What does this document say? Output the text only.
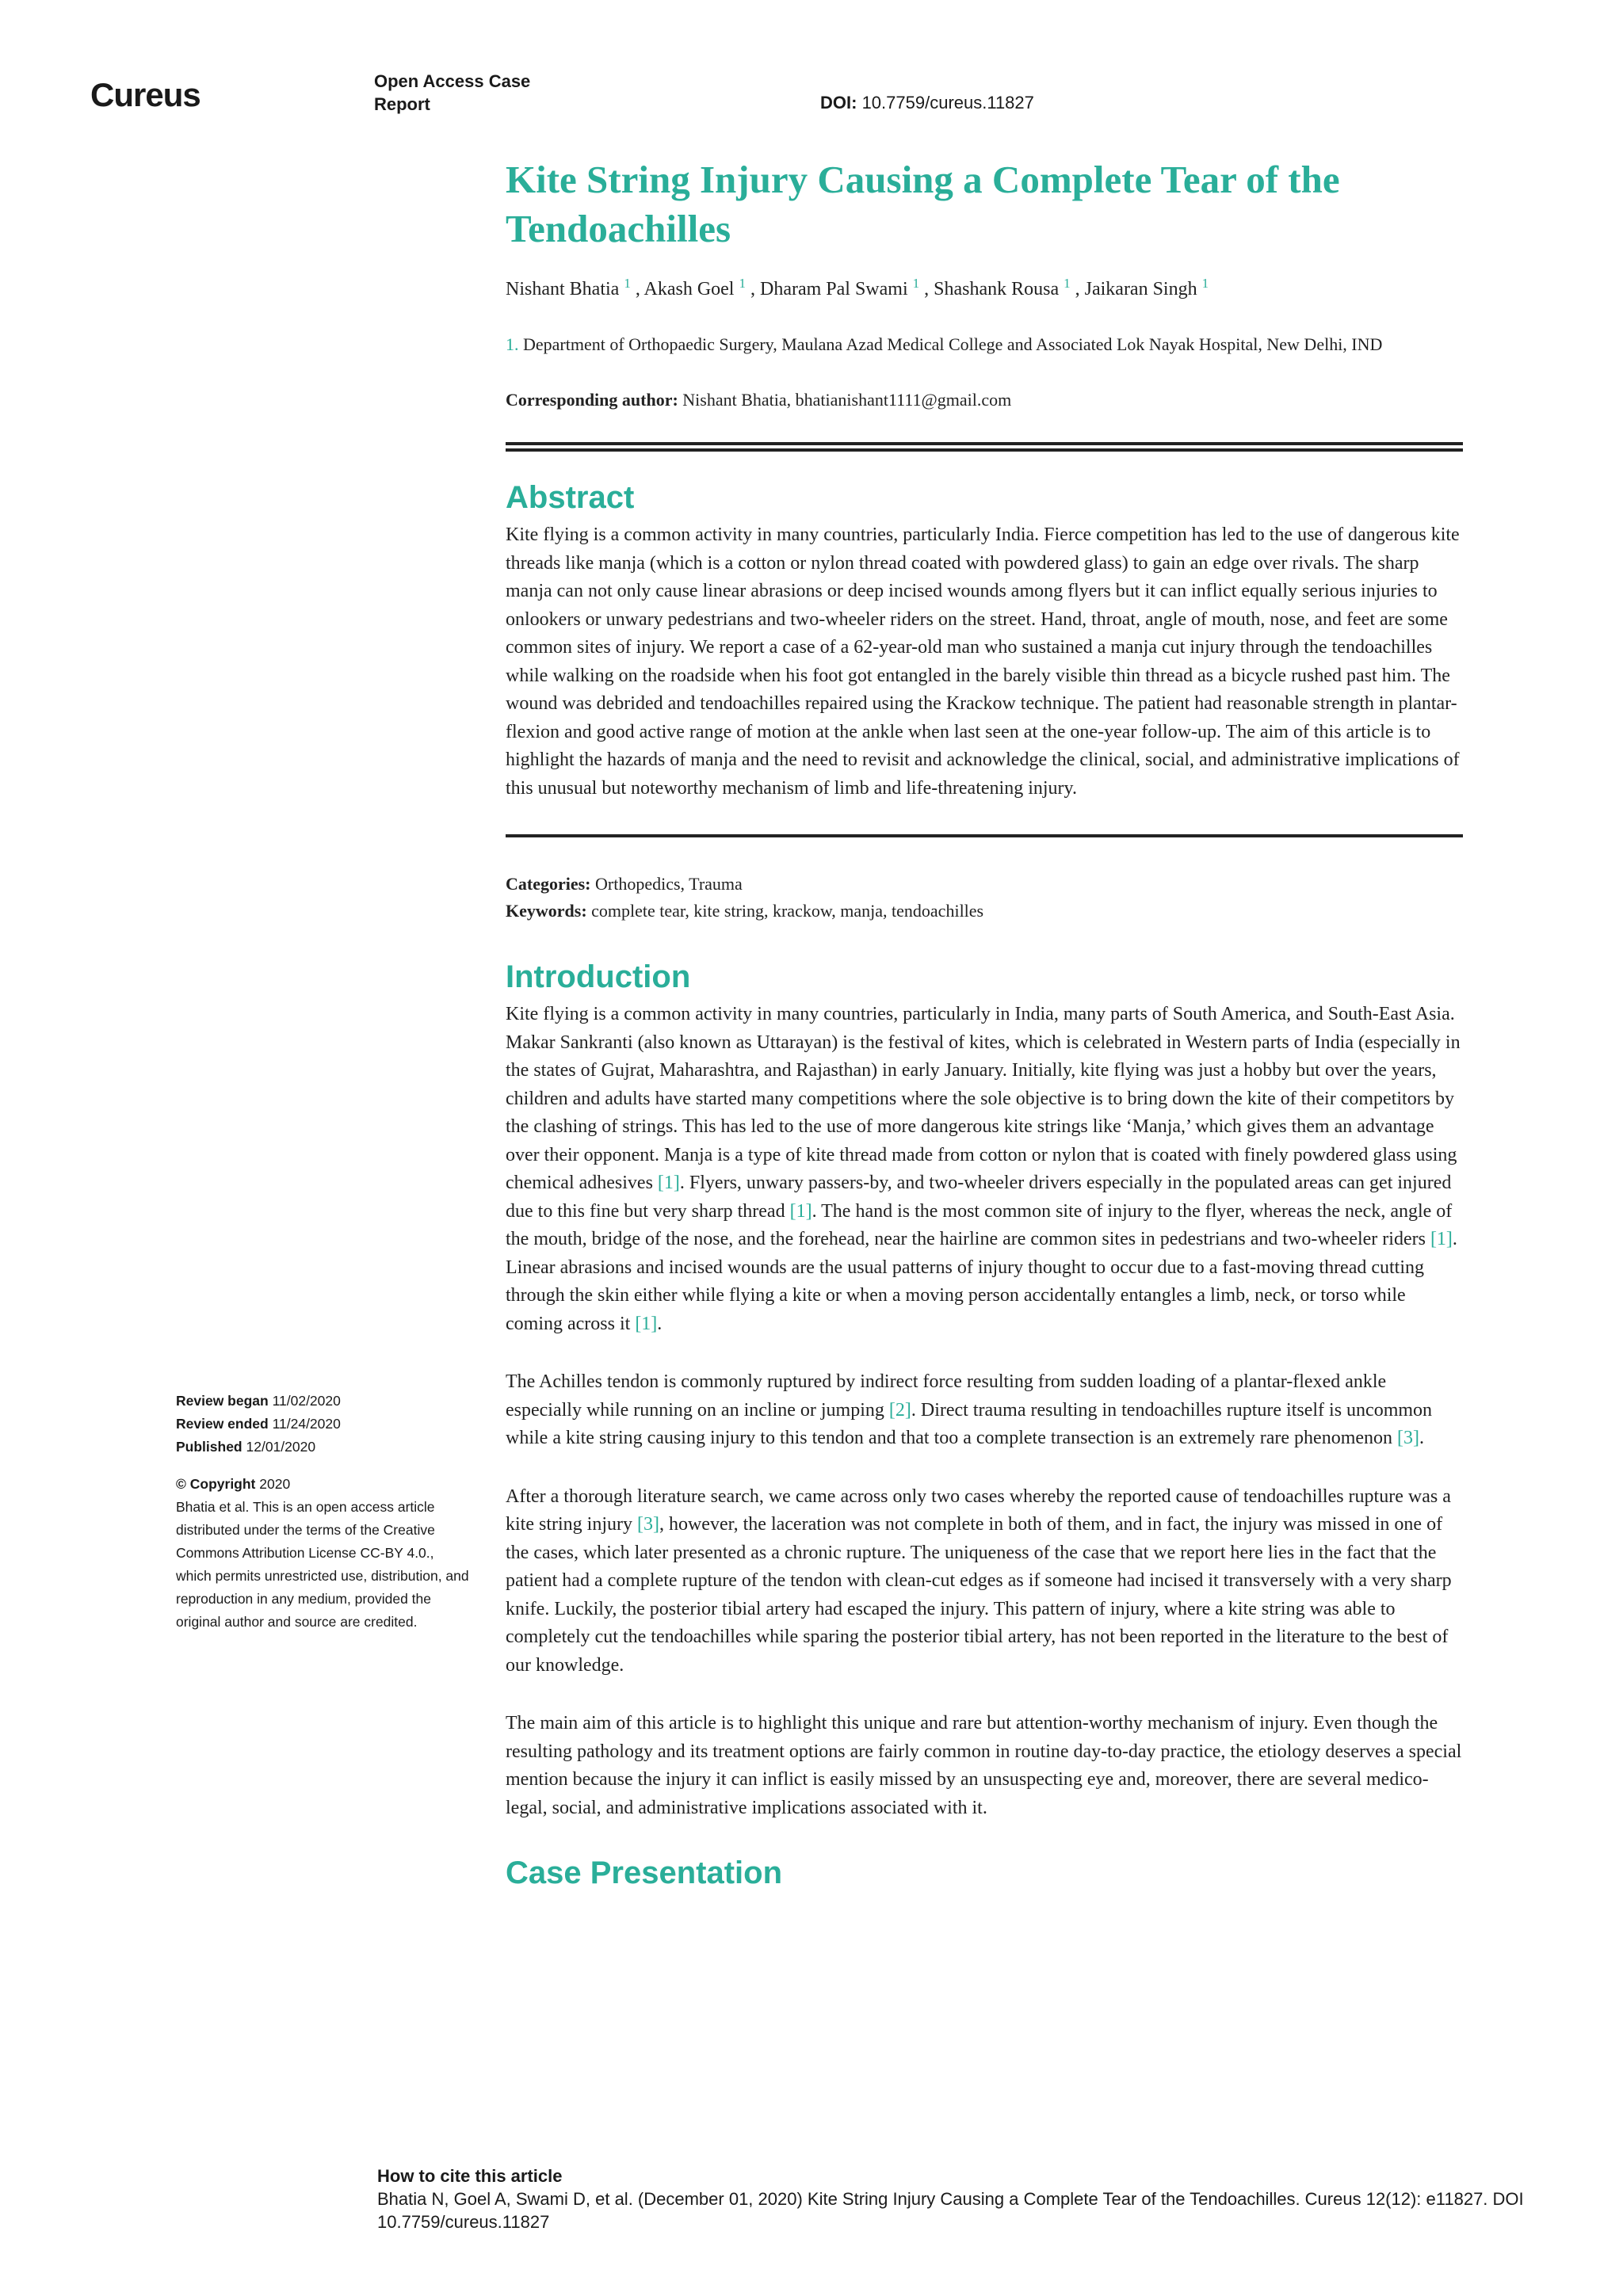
Cureus	Open Access Case Report	DOI: 10.7759/cureus.11827
Kite String Injury Causing a Complete Tear of the Tendoachilles
Nishant Bhatia $^1$ , Akash Goel $^1$ , Dharam Pal Swami $^1$ , Shashank Rousa $^1$ , Jaikaran Singh $^1$
1. Department of Orthopaedic Surgery, Maulana Azad Medical College and Associated Lok Nayak Hospital, New Delhi, IND
Corresponding author: Nishant Bhatia, bhatianishant1111@gmail.com
Abstract

Kite flying is a common activity in many countries, particularly India. Fierce competition has led to the use of dangerous kite threads like manja (which is a cotton or nylon thread coated with powdered glass) to gain an edge over rivals. The sharp manja can not only cause linear abrasions or deep incised wounds among flyers but it can inflict equally serious injuries to onlookers or unwary pedestrians and two-wheeler riders on the street. Hand, throat, angle of mouth, nose, and feet are some common sites of injury. We report a case of a 62-year-old man who sustained a manja cut injury through the tendoachilles while walking on the roadside when his foot got entangled in the barely visible thin thread as a bicycle rushed past him. The wound was debrided and tendoachilles repaired using the Krackow technique. The patient had reasonable strength in plantar-flexion and good active range of motion at the ankle when last seen at the one-year follow-up. The aim of this article is to highlight the hazards of manja and the need to revisit and acknowledge the clinical, social, and administrative implications of this unusual but noteworthy mechanism of limb and life-threatening injury.

Categories: Orthopedics, Trauma
Keywords: complete tear, kite string, krackow, manja, tendoachilles
Introduction

Kite flying is a common activity in many countries, particularly in India, many parts of South America, and South-East Asia. Makar Sankranti (also known as Uttarayan) is the festival of kites, which is celebrated in Western parts of India (especially in the states of Gujrat, Maharashtra, and Rajasthan) in early January. Initially, kite flying was just a hobby but over the years, children and adults have started many competitions where the sole objective is to bring down the kite of their competitors by the clashing of strings. This has led to the use of more dangerous kite strings like ‘Manja,’ which gives them an advantage over their opponent. Manja is a type of kite thread made from cotton or nylon that is coated with finely powdered glass using chemical adhesives [1]. Flyers, unwary passers-by, and two-wheeler drivers especially in the populated areas can get injured due to this fine but very sharp thread [1]. The hand is the most common site of injury to the flyer, whereas the neck, angle of the mouth, bridge of the nose, and the forehead, near the hairline are common sites in pedestrians and two-wheeler riders [1]. Linear abrasions and incised wounds are the usual patterns of injury thought to occur due to a fast-moving thread cutting through the skin either while flying a kite or when a moving person accidentally entangles a limb, neck, or torso while coming across it [1].

The Achilles tendon is commonly ruptured by indirect force resulting from sudden loading of a plantar-flexed ankle especially while running on an incline or jumping [2]. Direct trauma resulting in tendoachilles rupture itself is uncommon while a kite string causing injury to this tendon and that too a complete transection is an extremely rare phenomenon [3].

After a thorough literature search, we came across only two cases whereby the reported cause of tendoachilles rupture was a kite string injury [3], however, the laceration was not complete in both of them, and in fact, the injury was missed in one of the cases, which later presented as a chronic rupture. The uniqueness of the case that we report here lies in the fact that the patient had a complete rupture of the tendon with clean-cut edges as if someone had incised it transversely with a very sharp knife. Luckily, the posterior tibial artery had escaped the injury. This pattern of injury, where a kite string was able to completely cut the tendoachilles while sparing the posterior tibial artery, has not been reported in the literature to the best of our knowledge.

The main aim of this article is to highlight this unique and rare but attention-worthy mechanism of injury. Even though the resulting pathology and its treatment options are fairly common in routine day-to-day practice, the etiology deserves a special mention because the injury it can inflict is easily missed by an unsuspecting eye and, moreover, there are several medico-legal, social, and administrative implications associated with it.

Case Presentation
Review began 11/02/2020
Review ended 11/24/2020
Published 12/01/2020
© Copyright 2020
Bhatia et al. This is an open access article distributed under the terms of the Creative Commons Attribution License CC-BY 4.0., which permits unrestricted use, distribution, and reproduction in any medium, provided the original author and source are credited.
How to cite this article
Bhatia N, Goel A, Swami D, et al. (December 01, 2020) Kite String Injury Causing a Complete Tear of the Tendoachilles. Cureus 12(12): e11827. DOI 10.7759/cureus.11827
